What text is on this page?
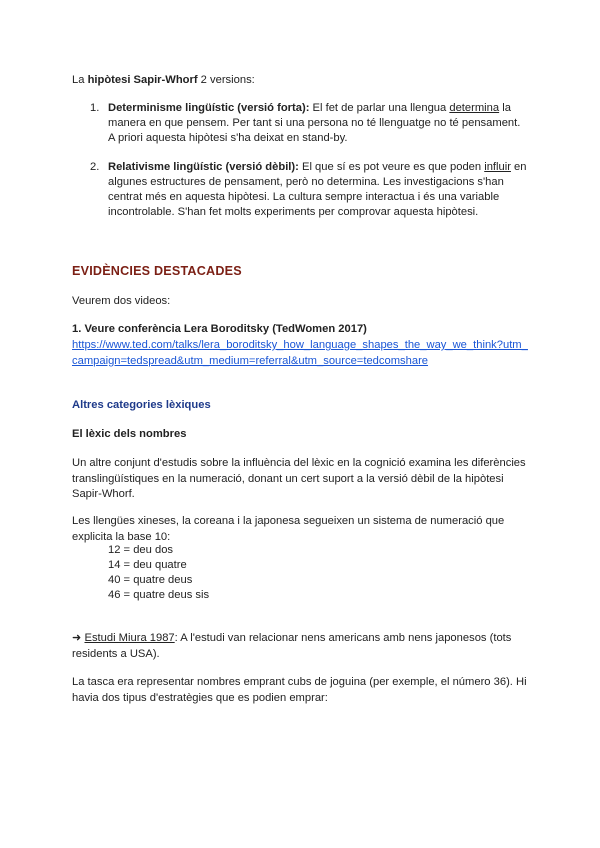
La hipòtesi Sapir-Whorf 2 versions:
1. Determinisme lingüístic (versió forta): El fet de parlar una llengua determina la manera en que pensem. Per tant si una persona no té llenguatge no té pensament. A priori aquesta hipòtesi s'ha deixat en stand-by.
2. Relativisme lingüístic (versió dèbil): El que sí es pot veure es que poden influir en algunes estructures de pensament, però no determina. Les investigacions s'han centrat més en aquesta hipòtesi. La cultura sempre interactua i és una variable incontrolable. S'han fet molts experiments per comprovar aquesta hipòtesi.
EVIDÈNCIES DESTACADES
Veurem dos videos:
1. Veure conferència Lera Boroditsky (TedWomen 2017)
https://www.ted.com/talks/lera_boroditsky_how_language_shapes_the_way_we_think?utm_campaign=tedspread&utm_medium=referral&utm_source=tedcomshare
Altres categories lèxiques
El lèxic dels nombres
Un altre conjunt d'estudis sobre la influència del lèxic en la cognició examina les diferències translingüístiques en la numeració, donant un cert suport a la versió dèbil de la hipòtesi Sapir-Whorf.
Les llengües xineses, la coreana i la japonesa segueixen un sistema de numeració que explicita la base 10:
12 = deu dos
14 = deu quatre
40 = quatre deus
46 = quatre deus sis
➜ Estudi Miura 1987: A l'estudi van relacionar nens americans amb nens japonesos (tots residents a USA).
La tasca era representar nombres emprant cubs de joguina (per exemple, el número 36). Hi havia dos tipus d'estratègies que es podien emprar:
